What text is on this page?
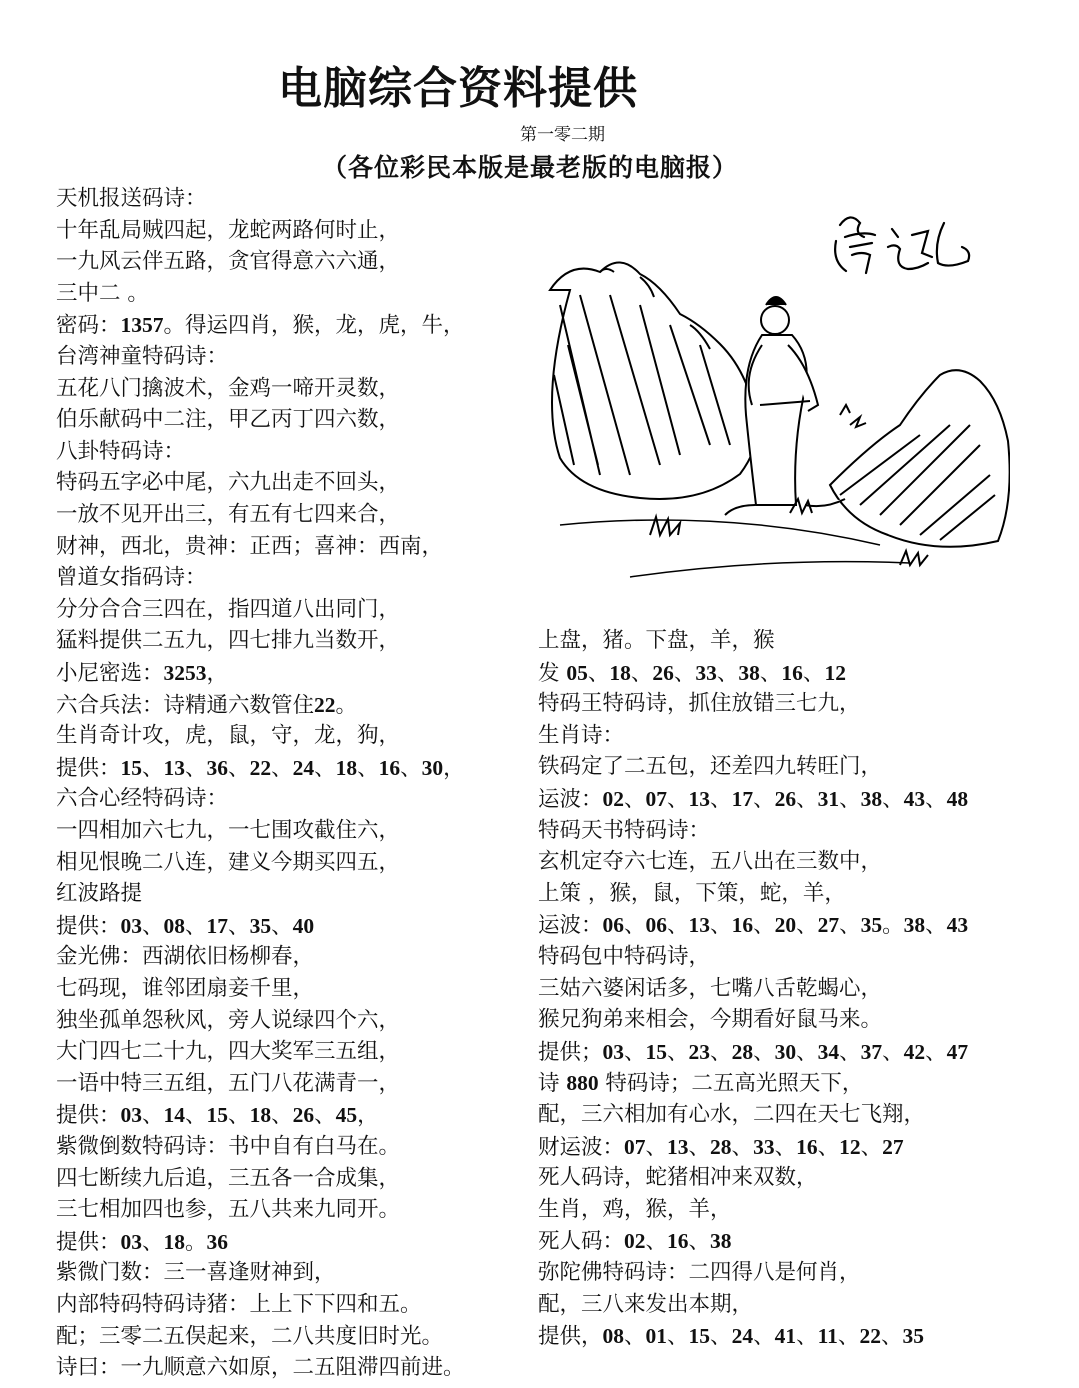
电脑综合资料提供
第一零二期
（各位彩民本版是最老版的电脑报）
天机报送码诗：
十年乱局贼四起，龙蛇两路何时止，
一九风云伴五路，贪官得意六六通，
三中二 。
密码：1357。得运四肖，猴，龙，虎，牛，
台湾神童特码诗：
五花八门擒波术，金鸡一啼开灵数，
伯乐献码中二注，甲乙丙丁四六数，
八卦特码诗：
特码五字必中尾，六九出走不回头，
一放不见开出三，有五有七四来合，
财神，西北，贵神：正西；喜神：西南，
曾道女指码诗：
分分合合三四在，指四道八出同门，
猛料提供二五九，四七排九当数开，
小尼密选：3253，
六合兵法：诗精通六数管住22。
生肖奇计攻，虎，鼠，守，龙，狗，
提供：15、13、36、22、24、18、16、30，
六合心经特码诗：
一四相加六七九，一七围攻截住六，
相见恨晚二八连，建义今期买四五，
红波路提
提供：03、08、17、35、40
金光佛：西湖依旧杨柳春，
七码现，谁邻团扇妾千里，
独坐孤单怨秋风，旁人说绿四个六，
大门四七二十九，四大奖军三五组，
一语中特三五组，五门八花满青一，
提供：03、14、15、18、26、45，
紫微倒数特码诗：书中自有白马在。
四七断续九后追，三五各一合成集，
三七相加四也参，五八共来九同开。
提供：03、18。36
紫微门数：三一喜逢财神到，
内部特码特码诗猪：上上下下四和五。
配；三零二五俣起来，二八共度旧时光。
诗曰：一九顺意六如原，二五阻滞四前进。
上盘，猪。下盘，羊，猴
发 05、18、26、33、38、16、12
特码王特码诗，抓住放错三七九，
生肖诗：
铁码定了二五包，还差四九转旺门，
运波：02、07、13、17、26、31、38、43、48
特码天书特码诗：
玄机定夺六七连，五八出在三数中，
上策 ，猴，鼠，下策，蛇，羊，
运波：06、06、13、16、20、27、35。38、43
特码包中特码诗，
三姑六婆闲话多，七嘴八舌乾蝎心，
猴兄狗弟来相会，今期看好鼠马来。
提供；03、15、23、28、30、34、37、42、47
诗 880 特码诗；二五高光照天下，
配，三六相加有心水，二四在天七飞翔，
财运波：07、13、28、33、16、12、27
死人码诗，蛇猪相冲来双数，
生肖，鸡，猴，羊，
死人码：02、16、38
弥陀佛特码诗：二四得八是何肖，
配，三八来发出本期，
提供，08、01、15、24、41、11、22、35
